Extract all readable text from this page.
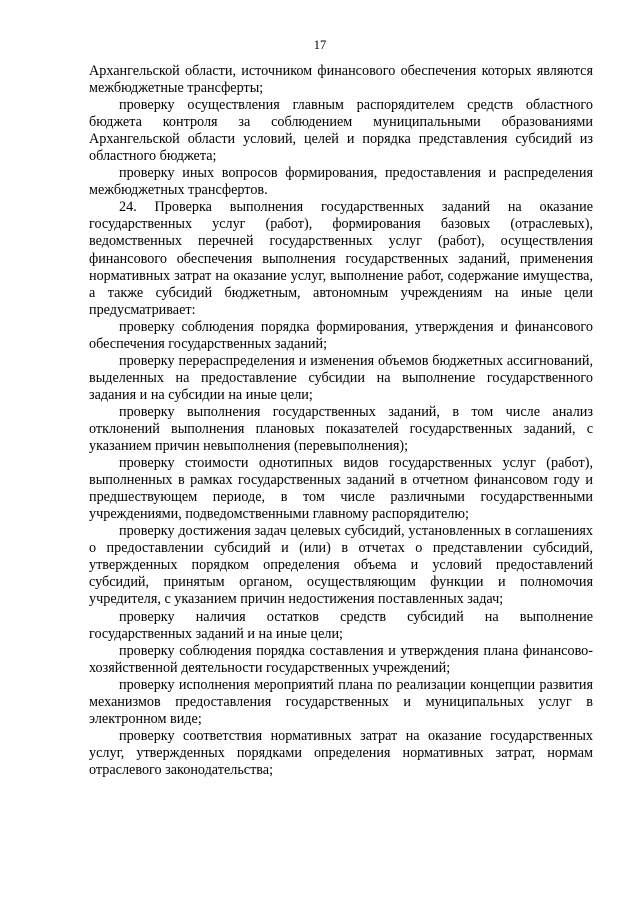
17

Архангельской области, источником финансового обеспечения которых являются межбюджетные трансферты;

проверку осуществления главным распорядителем средств областного бюджета контроля за соблюдением муниципальными образованиями Архангельской области условий, целей и порядка представления субсидий из областного бюджета;

проверку иных вопросов формирования, предоставления и распределения межбюджетных трансфертов.

24. Проверка выполнения государственных заданий на оказание государственных услуг (работ), формирования базовых (отраслевых), ведомственных перечней государственных услуг (работ), осуществления финансового обеспечения выполнения государственных заданий, применения нормативных затрат на оказание услуг, выполнение работ, содержание имущества, а также субсидий бюджетным, автономным учреждениям на иные цели предусматривает:

проверку соблюдения порядка формирования, утверждения и финансового обеспечения государственных заданий;

проверку перераспределения и изменения объемов бюджетных ассигнований, выделенных на предоставление субсидии на выполнение государственного задания и на субсидии на иные цели;

проверку выполнения государственных заданий, в том числе анализ отклонений выполнения плановых показателей государственных заданий, с указанием причин невыполнения (перевыполнения);

проверку стоимости однотипных видов государственных услуг (работ), выполненных в рамках государственных заданий в отчетном финансовом году и предшествующем периоде, в том числе различными государственными учреждениями, подведомственными главному распорядителю;

проверку достижения задач целевых субсидий, установленных в соглашениях о предоставлении субсидий и (или) в отчетах о представлении субсидий, утвержденных порядком определения объема и условий предоставлений субсидий, принятым органом, осуществляющим функции и полномочия учредителя, с указанием причин недостижения поставленных задач;

проверку наличия остатков средств субсидий на выполнение государственных заданий и на иные цели;

проверку соблюдения порядка составления и утверждения плана финансово-хозяйственной деятельности государственных учреждений;

проверку исполнения мероприятий плана по реализации концепции развития механизмов предоставления государственных и муниципальных услуг в электронном виде;

проверку соответствия нормативных затрат на оказание государственных услуг, утвержденных порядками определения нормативных затрат, нормам отраслевого законодательства;
